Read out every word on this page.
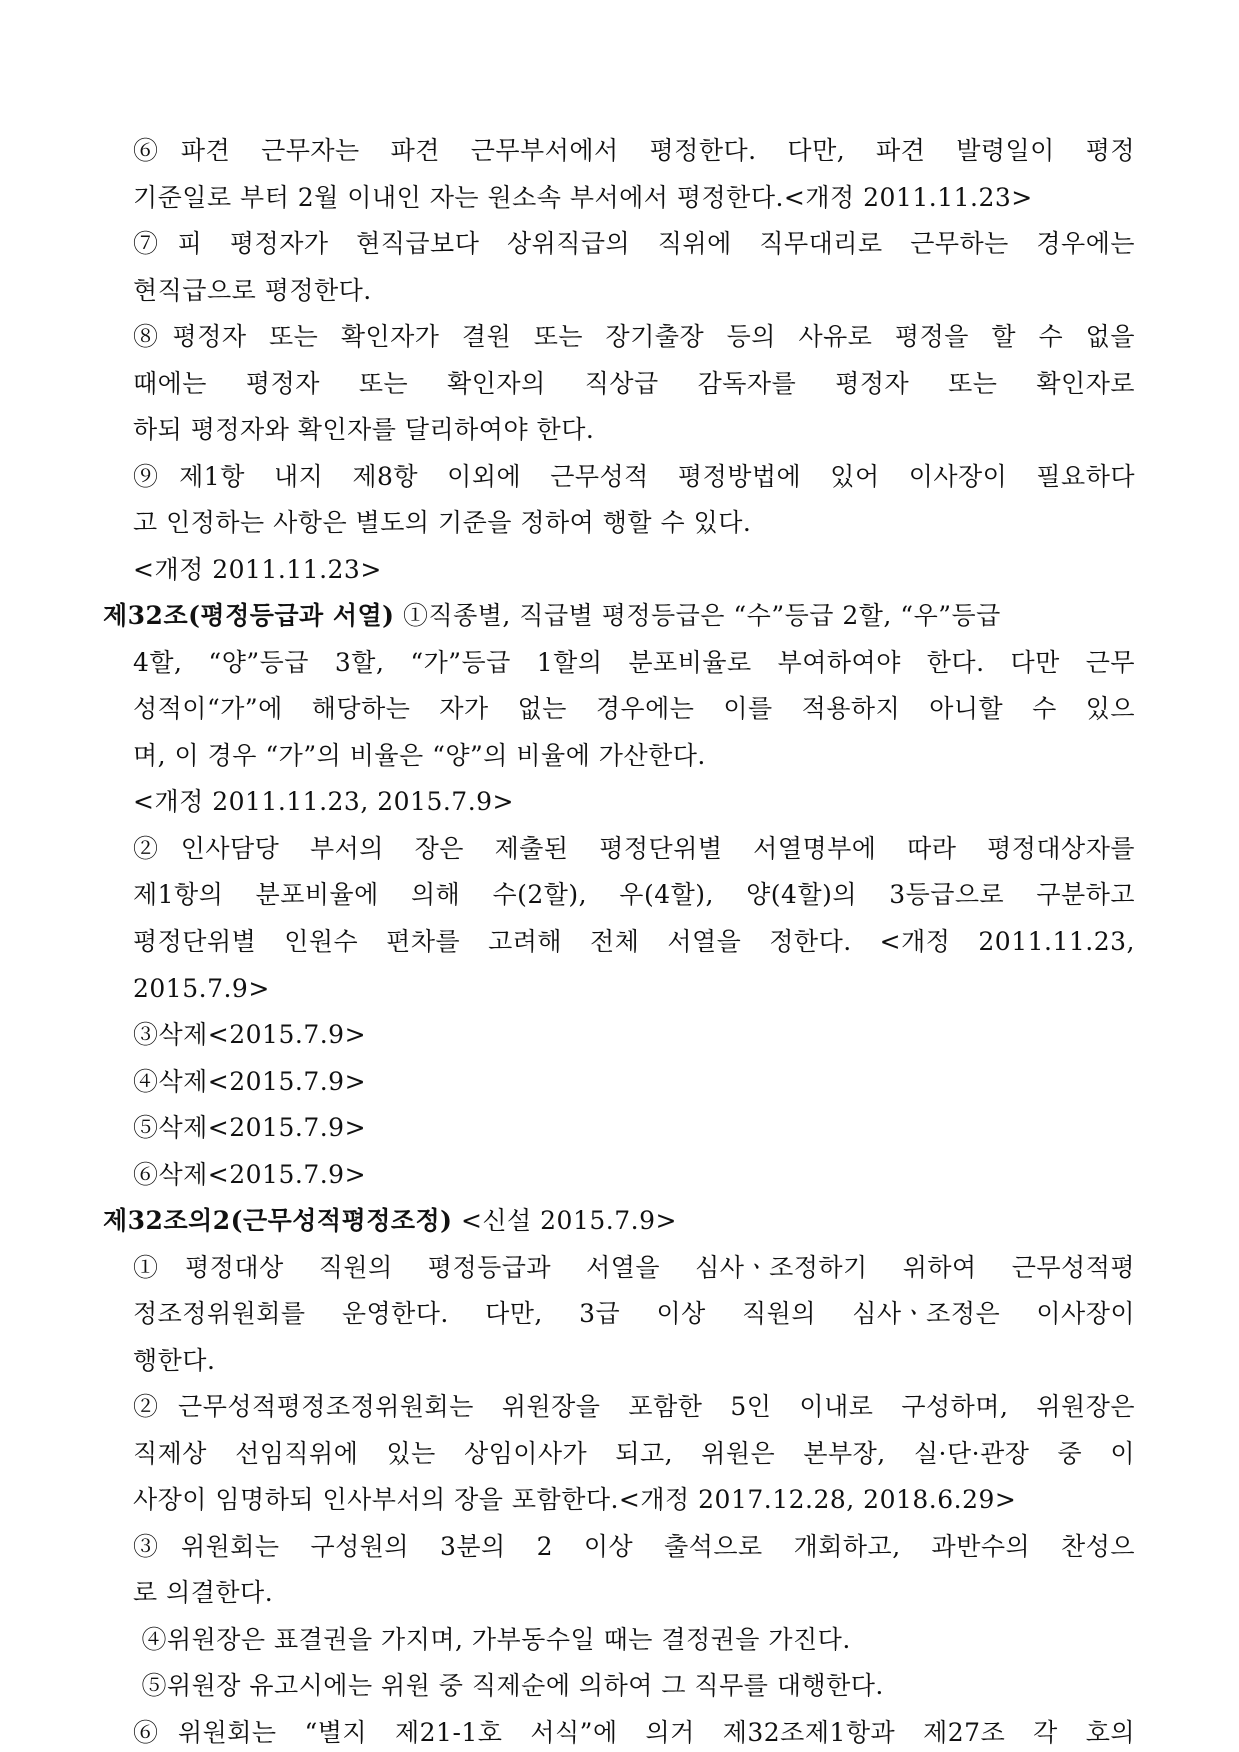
⑥파견 근무자는 파견 근무부서에서 평정한다. 다만, 파견 발령일이 평정
기준일로 부터 2월 이내인 자는 원소속 부서에서 평정한다.<개정 2011.11.23>
⑦피 평정자가 현직급보다 상위직급의 직위에 직무대리로 근무하는 경우에는
현직급으로 평정한다.
⑧평정자 또는 확인자가 결원 또는 장기출장 등의 사유로 평정을 할 수 없을
때에는 평정자 또는 확인자의 직상급 감독자를 평정자 또는 확인자로
하되 평정자와 확인자를 달리하여야 한다.
⑨제1항 내지 제8항 이외에 근무성적 평정방법에 있어 이사장이 필요하다
고 인정하는 사항은 별도의 기준을 정하여 행할 수 있다.
<개정 2011.11.23>
제32조(평정등급과 서열) ①직종별, 직급별 평정등급은 “수”등급 2할, “우”등급
4할, “양”등급 3할, “가”등급 1할의 분포비율로 부여하여야 한다. 다만 근무
성적이“가”에 해당하는 자가 없는 경우에는 이를 적용하지 아니할 수 있으
며, 이 경우 “가”의 비율은 “양”의 비율에 가산한다.
<개정 2011.11.23, 2015.7.9>
②인사담당 부서의 장은 제출된 평정단위별 서열명부에 따라 평정대상자를
제1항의 분포비율에 의해 수(2할), 우(4할), 양(4할)의 3등급으로 구분하고
평정단위별 인원수 편차를 고려해 전체 서열을 정한다. <개정 2011.11.23,
2015.7.9>
③삭제<2015.7.9>
④삭제<2015.7.9>
⑤삭제<2015.7.9>
⑥삭제<2015.7.9>
제32조의2(근무성적평정조정) <신설 2015.7.9>
①평정대상 직원의 평정등급과 서열을 심사ㆍ조정하기 위하여 근무성적평
정조정위원회를 운영한다. 다만, 3급 이상 직원의 심사ㆍ조정은 이사장이
행한다.
②근무성적평정조정위원회는 위원장을 포함한 5인 이내로 구성하며, 위원장은
직제상 선임직위에 있는 상임이사가 되고, 위원은 본부장, 실·단·관장 중 이
사장이 임명하되 인사부서의 장을 포함한다.<개정 2017.12.28, 2018.6.29>
③위원회는 구성원의 3분의 2 이상 출석으로 개회하고, 과반수의 찬성으
로 의결한다.
④위원장은 표결권을 가지며, 가부동수일 때는 결정권을 가진다.
⑤위원장 유고시에는 위원 중 직제순에 의하여 그 직무를 대행한다.
⑥위원회는 “별지 제21-1호 서식”에 의거 제32조제1항과 제27조 각 호의
